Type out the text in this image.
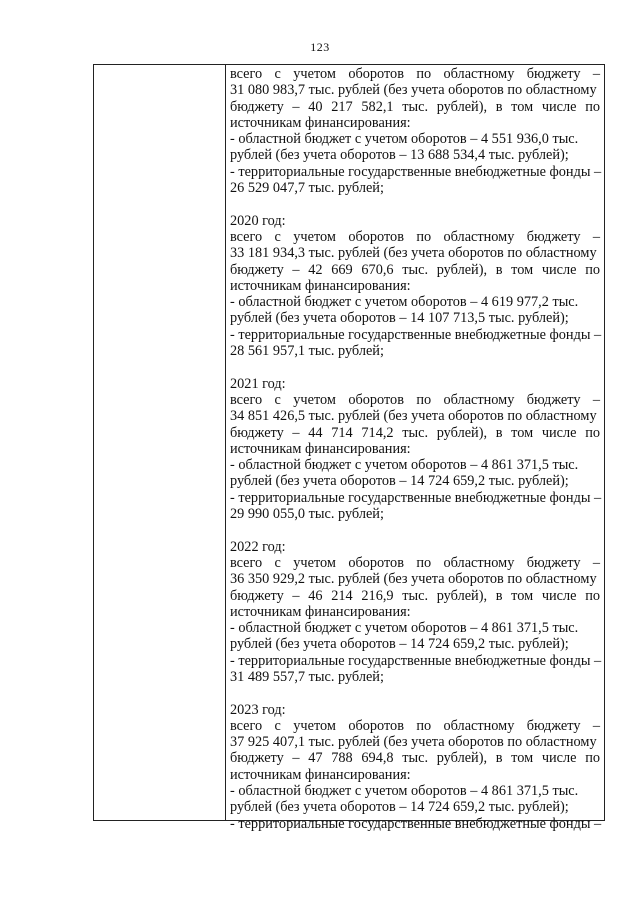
123
всего с учетом оборотов по областному бюджету –
31 080 983,7 тыс. рублей (без учета оборотов по областному
бюджету – 40 217 582,1 тыс. рублей), в том числе по
источникам финансирования:
- областной бюджет с учетом оборотов – 4 551 936,0 тыс.
рублей (без учета оборотов – 13 688 534,4 тыс. рублей);
- территориальные государственные внебюджетные фонды –
26 529 047,7 тыс. рублей;
2020 год:
всего с учетом оборотов по областному бюджету –
33 181 934,3 тыс. рублей (без учета оборотов по областному
бюджету – 42 669 670,6 тыс. рублей), в том числе по
источникам финансирования:
- областной бюджет с учетом оборотов – 4 619 977,2 тыс.
рублей (без учета оборотов – 14 107 713,5 тыс. рублей);
- территориальные государственные внебюджетные фонды –
28 561 957,1 тыс. рублей;
2021 год:
всего с учетом оборотов по областному бюджету –
34 851 426,5 тыс. рублей (без учета оборотов по областному
бюджету – 44 714 714,2 тыс. рублей), в том числе по
источникам финансирования:
- областной бюджет с учетом оборотов – 4 861 371,5 тыс.
рублей (без учета оборотов – 14 724 659,2 тыс. рублей);
- территориальные государственные внебюджетные фонды –
29 990 055,0 тыс. рублей;
2022 год:
всего с учетом оборотов по областному бюджету –
36 350 929,2 тыс. рублей (без учета оборотов по областному
бюджету – 46 214 216,9 тыс. рублей), в том числе по
источникам финансирования:
- областной бюджет с учетом оборотов – 4 861 371,5 тыс.
рублей (без учета оборотов – 14 724 659,2 тыс. рублей);
- территориальные государственные внебюджетные фонды –
31 489 557,7 тыс. рублей;
2023 год:
всего с учетом оборотов по областному бюджету –
37 925 407,1 тыс. рублей (без учета оборотов по областному
бюджету – 47 788 694,8 тыс. рублей), в том числе по
источникам финансирования:
- областной бюджет с учетом оборотов – 4 861 371,5 тыс.
рублей (без учета оборотов – 14 724 659,2 тыс. рублей);
- территориальные государственные внебюджетные фонды –
